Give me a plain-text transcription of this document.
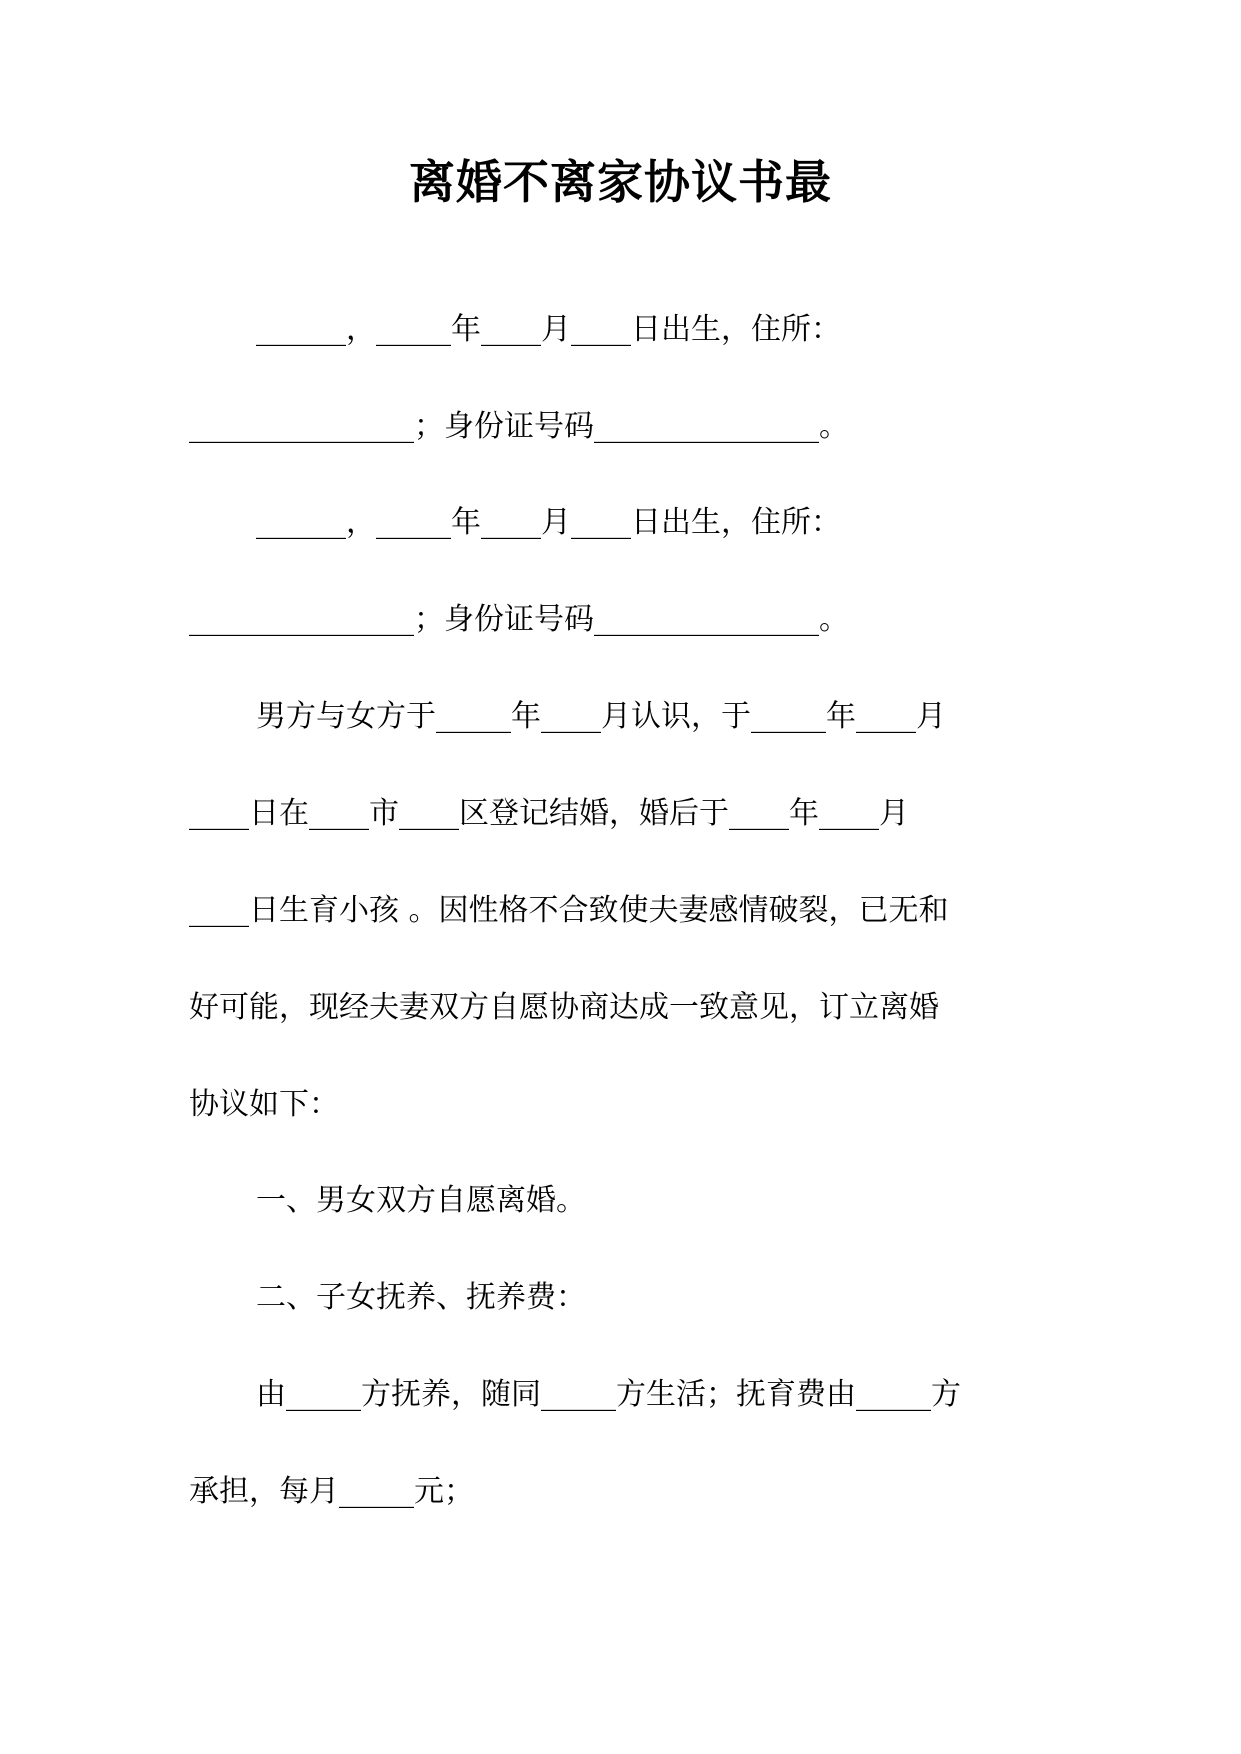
离婚不离家协议书最
______，_____年____月____日出生，住所：
_______________；身份证号码_______________。
______，_____年____月____日出生，住所：
_______________；身份证号码_______________。
男方与女方于_____年____月认识，于_____年____月
____日在____市____区登记结婚，婚后于____年____月
____日生育小孩 。因性格不合致使夫妻感情破裂，已无和
好可能，现经夫妻双方自愿协商达成一致意见，订立离婚
协议如下：
一、男女双方自愿离婚。
二、子女抚养、抚养费：
由_____方抚养，随同_____方生活；抚育费由_____方
承担，每月_____元；
